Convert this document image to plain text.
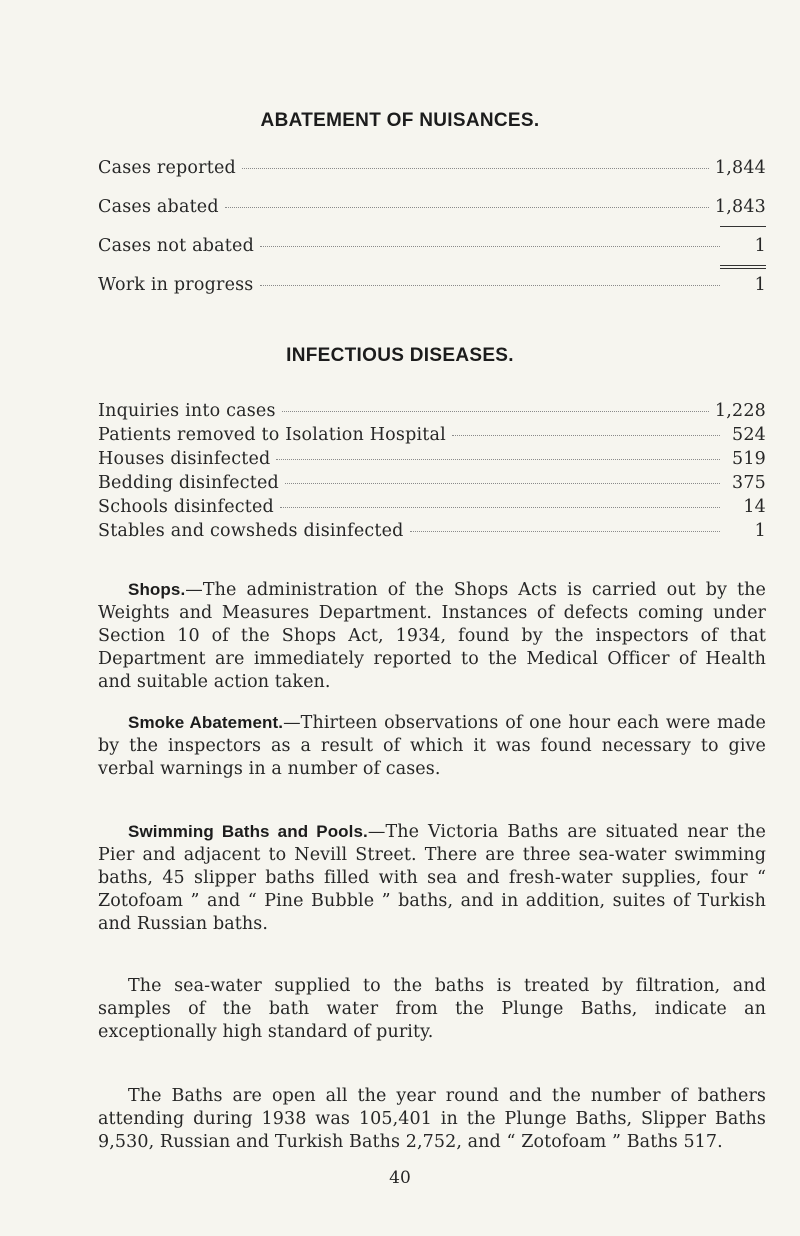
ABATEMENT OF NUISANCES.
Cases reported	1,844
Cases abated	1,843
Cases not abated	1
Work in progress	1
INFECTIOUS DISEASES.
Inquiries into cases	1,228
Patients removed to Isolation Hospital	524
Houses disinfected	519
Bedding disinfected	375
Schools disinfected	14
Stables and cowsheds disinfected	1
Shops.—The administration of the Shops Acts is carried out by the Weights and Measures Department. Instances of defects coming under Section 10 of the Shops Act, 1934, found by the inspectors of that Department are immediately reported to the Medical Officer of Health and suitable action taken.
Smoke Abatement.—Thirteen observations of one hour each were made by the inspectors as a result of which it was found necessary to give verbal warnings in a number of cases.
Swimming Baths and Pools.—The Victoria Baths are situated near the Pier and adjacent to Nevill Street. There are three sea-water swimming baths, 45 slipper baths filled with sea and fresh-water supplies, four “ Zotofoam ” and “ Pine Bubble ” baths, and in addition, suites of Turkish and Russian baths.
The sea-water supplied to the baths is treated by filtration, and samples of the bath water from the Plunge Baths, indicate an exceptionally high standard of purity.
The Baths are open all the year round and the number of bathers attending during 1938 was 105,401 in the Plunge Baths, Slipper Baths 9,530, Russian and Turkish Baths 2,752, and “ Zotofoam ” Baths 517.
40
